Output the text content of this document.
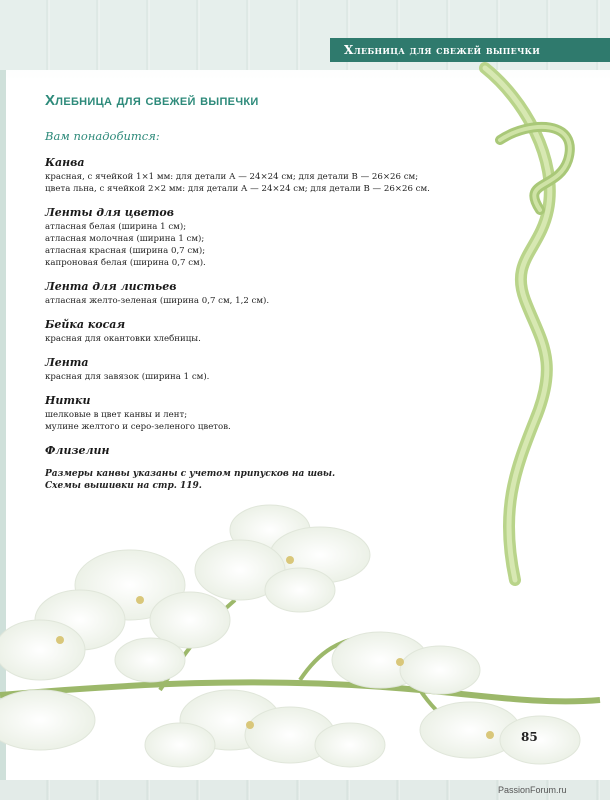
Хлебница для свежей выпечки
Хлебница для свежей выпечки
Вам понадобится:
Канва
красная, с ячейкой 1×1 мм: для детали А — 24×24 см; для детали В — 26×26 см;
цвета льна, с ячейкой 2×2 мм: для детали А — 24×24 см; для детали В — 26×26 см.
Ленты для цветов
атласная белая (ширина 1 см);
атласная молочная (ширина 1 см);
атласная красная (ширина 0,7 см);
капроновая белая (ширина 0,7 см).
Лента для листьев
атласная желто-зеленая (ширина 0,7 см, 1,2 см).
Бейка косая
красная для окантовки хлебницы.
Лента
красная для завязок (ширина 1 см).
Нитки
шелковые в цвет канвы и лент;
мулине желтого и серо-зеленого цветов.
Флизелин
Размеры канвы указаны с учетом припусков на швы.
Схемы вышивки на стр. 119.
85
PassionForum.ru
